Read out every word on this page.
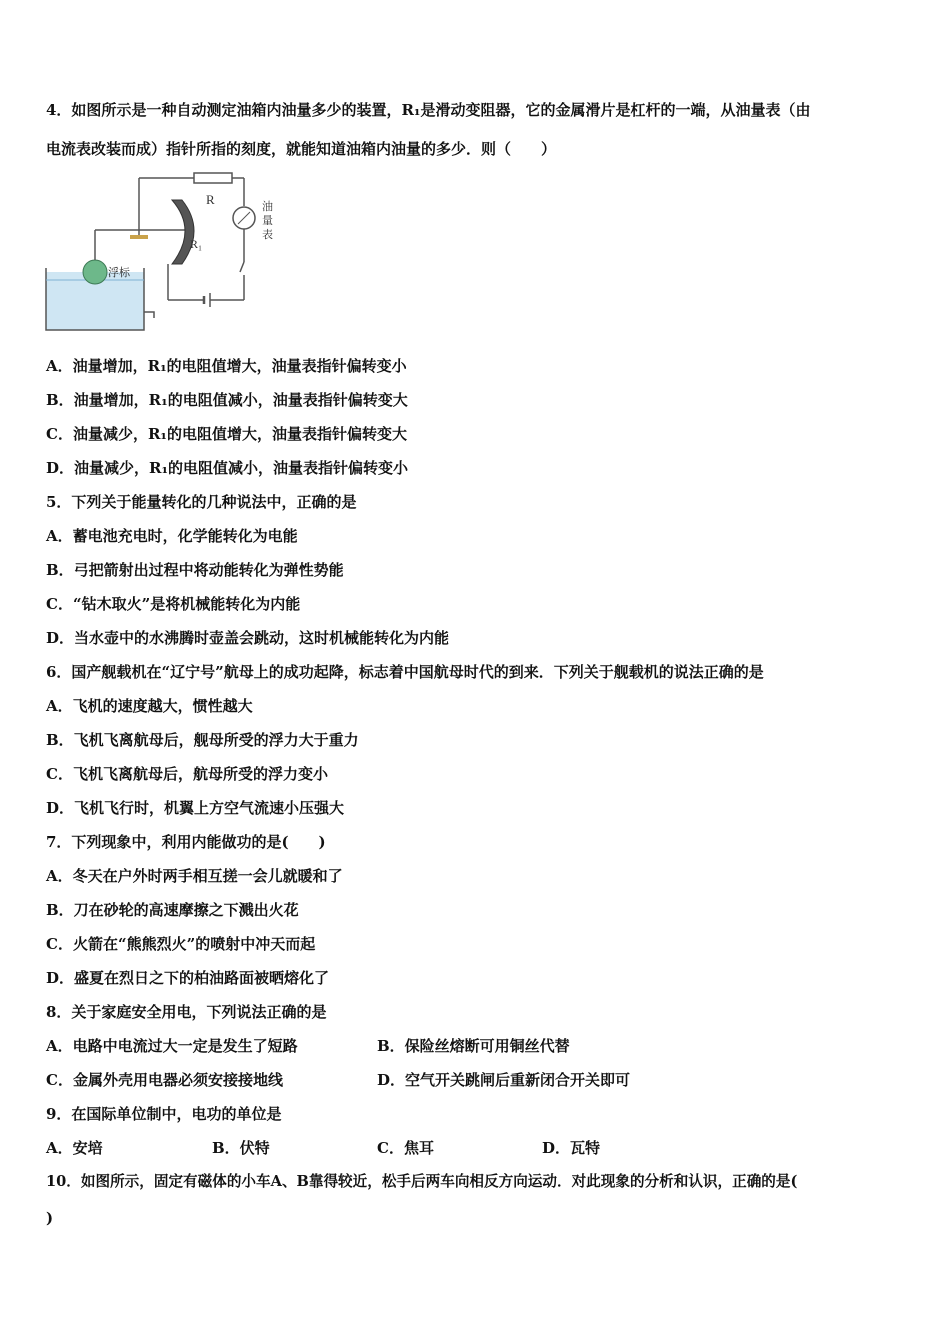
4．如图所示是一种自动测定油箱内油量多少的装置，R₁是滑动变阻器，它的金属滑片是杠杆的一端，从油量表（由
电流表改装而成）指针所指的刻度，就能知道油箱内油量的多少．则（　　）
R	油
量
表
R₁
浮标
A．油量增加，R₁的电阻值增大，油量表指针偏转变小
B．油量增加，R₁的电阻值减小，油量表指针偏转变大
C．油量减少，R₁的电阻值增大，油量表指针偏转变大
D．油量减少，R₁的电阻值减小，油量表指针偏转变小
5．下列关于能量转化的几种说法中，正确的是
A．蓄电池充电时，化学能转化为电能
B．弓把箭射出过程中将动能转化为弹性势能
C．“钻木取火”是将机械能转化为内能
D．当水壶中的水沸腾时壶盖会跳动，这时机械能转化为内能
6．国产舰载机在“辽宁号”航母上的成功起降，标志着中国航母时代的到来．下列关于舰载机的说法正确的是
A．飞机的速度越大，惯性越大
B．飞机飞离航母后，舰母所受的浮力大于重力
C．飞机飞离航母后，航母所受的浮力变小
D．飞机飞行时，机翼上方空气流速小压强大
7．下列现象中，利用内能做功的是(　　)
A．冬天在户外时两手相互搓一会儿就暖和了
B．刀在砂轮的高速摩擦之下溅出火花
C．火箭在“熊熊烈火”的喷射中冲天而起
D．盛夏在烈日之下的柏油路面被晒熔化了
8．关于家庭安全用电，下列说法正确的是
A．电路中电流过大一定是发生了短路	B．保险丝熔断可用铜丝代替
C．金属外壳用电器必须安接接地线	D．空气开关跳闸后重新闭合开关即可
9．在国际单位制中，电功的单位是
A．安培	B．伏特	C．焦耳	D．瓦特
10．如图所示，固定有磁体的小车A、B靠得较近，松手后两车向相反方向运动．对此现象的分析和认识，正确的是(
)
